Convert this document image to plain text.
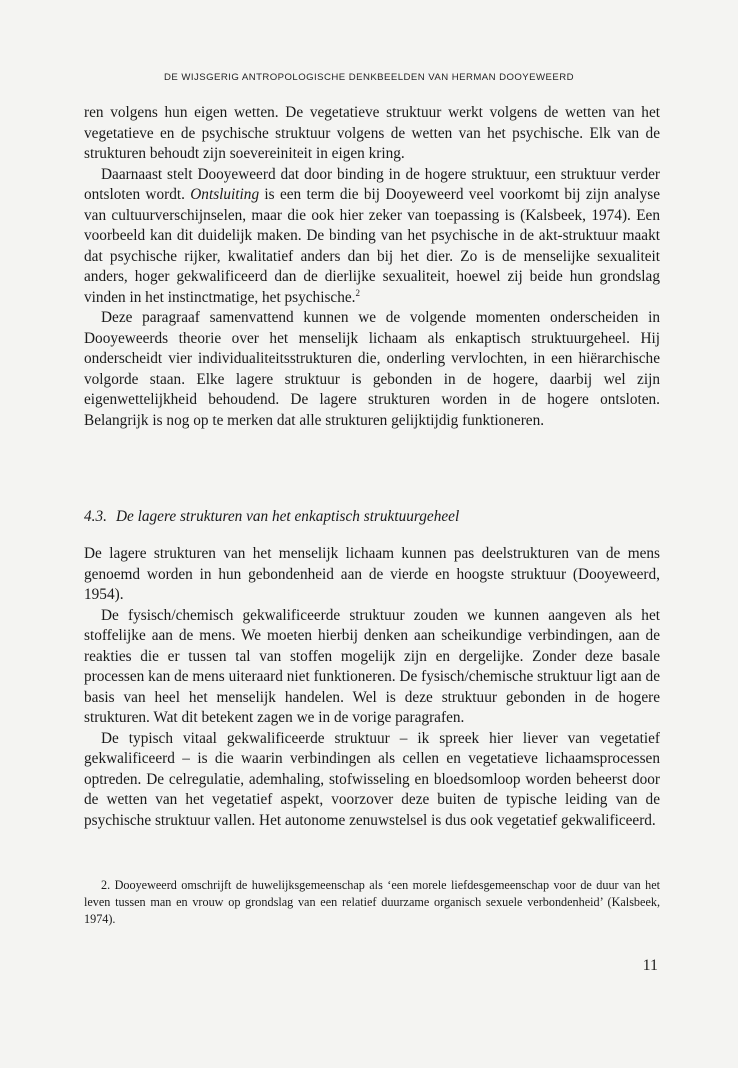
DE WIJSGERIG ANTROPOLOGISCHE DENKBEELDEN VAN HERMAN DOOYEWEERD

ren volgens hun eigen wetten. De vegetatieve struktuur werkt volgens de wetten van het vegetatieve en de psychische struktuur volgens de wetten van het psychische. Elk van de strukturen behoudt zijn soevereiniteit in eigen kring.

Daarnaast stelt Dooyeweerd dat door binding in de hogere struktuur, een struktuur verder ontsloten wordt. Ontsluiting is een term die bij Dooyeweerd veel voorkomt bij zijn analyse van cultuurverschijnselen, maar die ook hier zeker van toepassing is (Kalsbeek, 1974). Een voorbeeld kan dit duidelijk maken. De binding van het psychische in de akt-struktuur maakt dat psychische rijker, kwalitatief anders dan bij het dier. Zo is de menselijke sexualiteit anders, hoger gekwalificeerd dan de dierlijke sexualiteit, hoewel zij beide hun grondslag vinden in het instinctmatige, het psychische.$^2$

Deze paragraaf samenvattend kunnen we de volgende momenten onderscheiden in Dooyeweerds theorie over het menselijk lichaam als enkaptisch struktuurgeheel. Hij onderscheidt vier individualiteitsstrukturen die, onderling vervlochten, in een hiërarchische volgorde staan. Elke lagere struktuur is gebonden in de hogere, daarbij wel zijn eigenwettelijkheid behoudend. De lagere strukturen worden in de hogere ontsloten. Belangrijk is nog op te merken dat alle strukturen gelijktijdig funktioneren.

4.3. De lagere strukturen van het enkaptisch struktuurgeheel

De lagere strukturen van het menselijk lichaam kunnen pas deelstrukturen van de mens genoemd worden in hun gebondenheid aan de vierde en hoogste struktuur (Dooyeweerd, 1954).

De fysisch/chemisch gekwalificeerde struktuur zouden we kunnen aangeven als het stoffelijke aan de mens. We moeten hierbij denken aan scheikundige verbindingen, aan de reakties die er tussen tal van stoffen mogelijk zijn en dergelijke. Zonder deze basale processen kan de mens uiteraard niet funktioneren. De fysisch/chemische struktuur ligt aan de basis van heel het menselijk handelen. Wel is deze struktuur gebonden in de hogere strukturen. Wat dit betekent zagen we in de vorige paragrafen.

De typisch vitaal gekwalificeerde struktuur – ik spreek hier liever van vegetatief gekwalificeerd – is die waarin verbindingen als cellen en vegetatieve lichaamsprocessen optreden. De celregulatie, ademhaling, stofwisseling en bloedsomloop worden beheerst door de wetten van het vegetatief aspekt, voorzover deze buiten de typische leiding van de psychische struktuur vallen. Het autonome zenuwstelsel is dus ook vegetatief gekwalificeerd.

2. Dooyeweerd omschrijft de huwelijksgemeenschap als ‘een morele liefdesgemeenschap voor de duur van het leven tussen man en vrouw op grondslag van een relatief duurzame organisch sexuele verbondenheid’ (Kalsbeek, 1974).

11
